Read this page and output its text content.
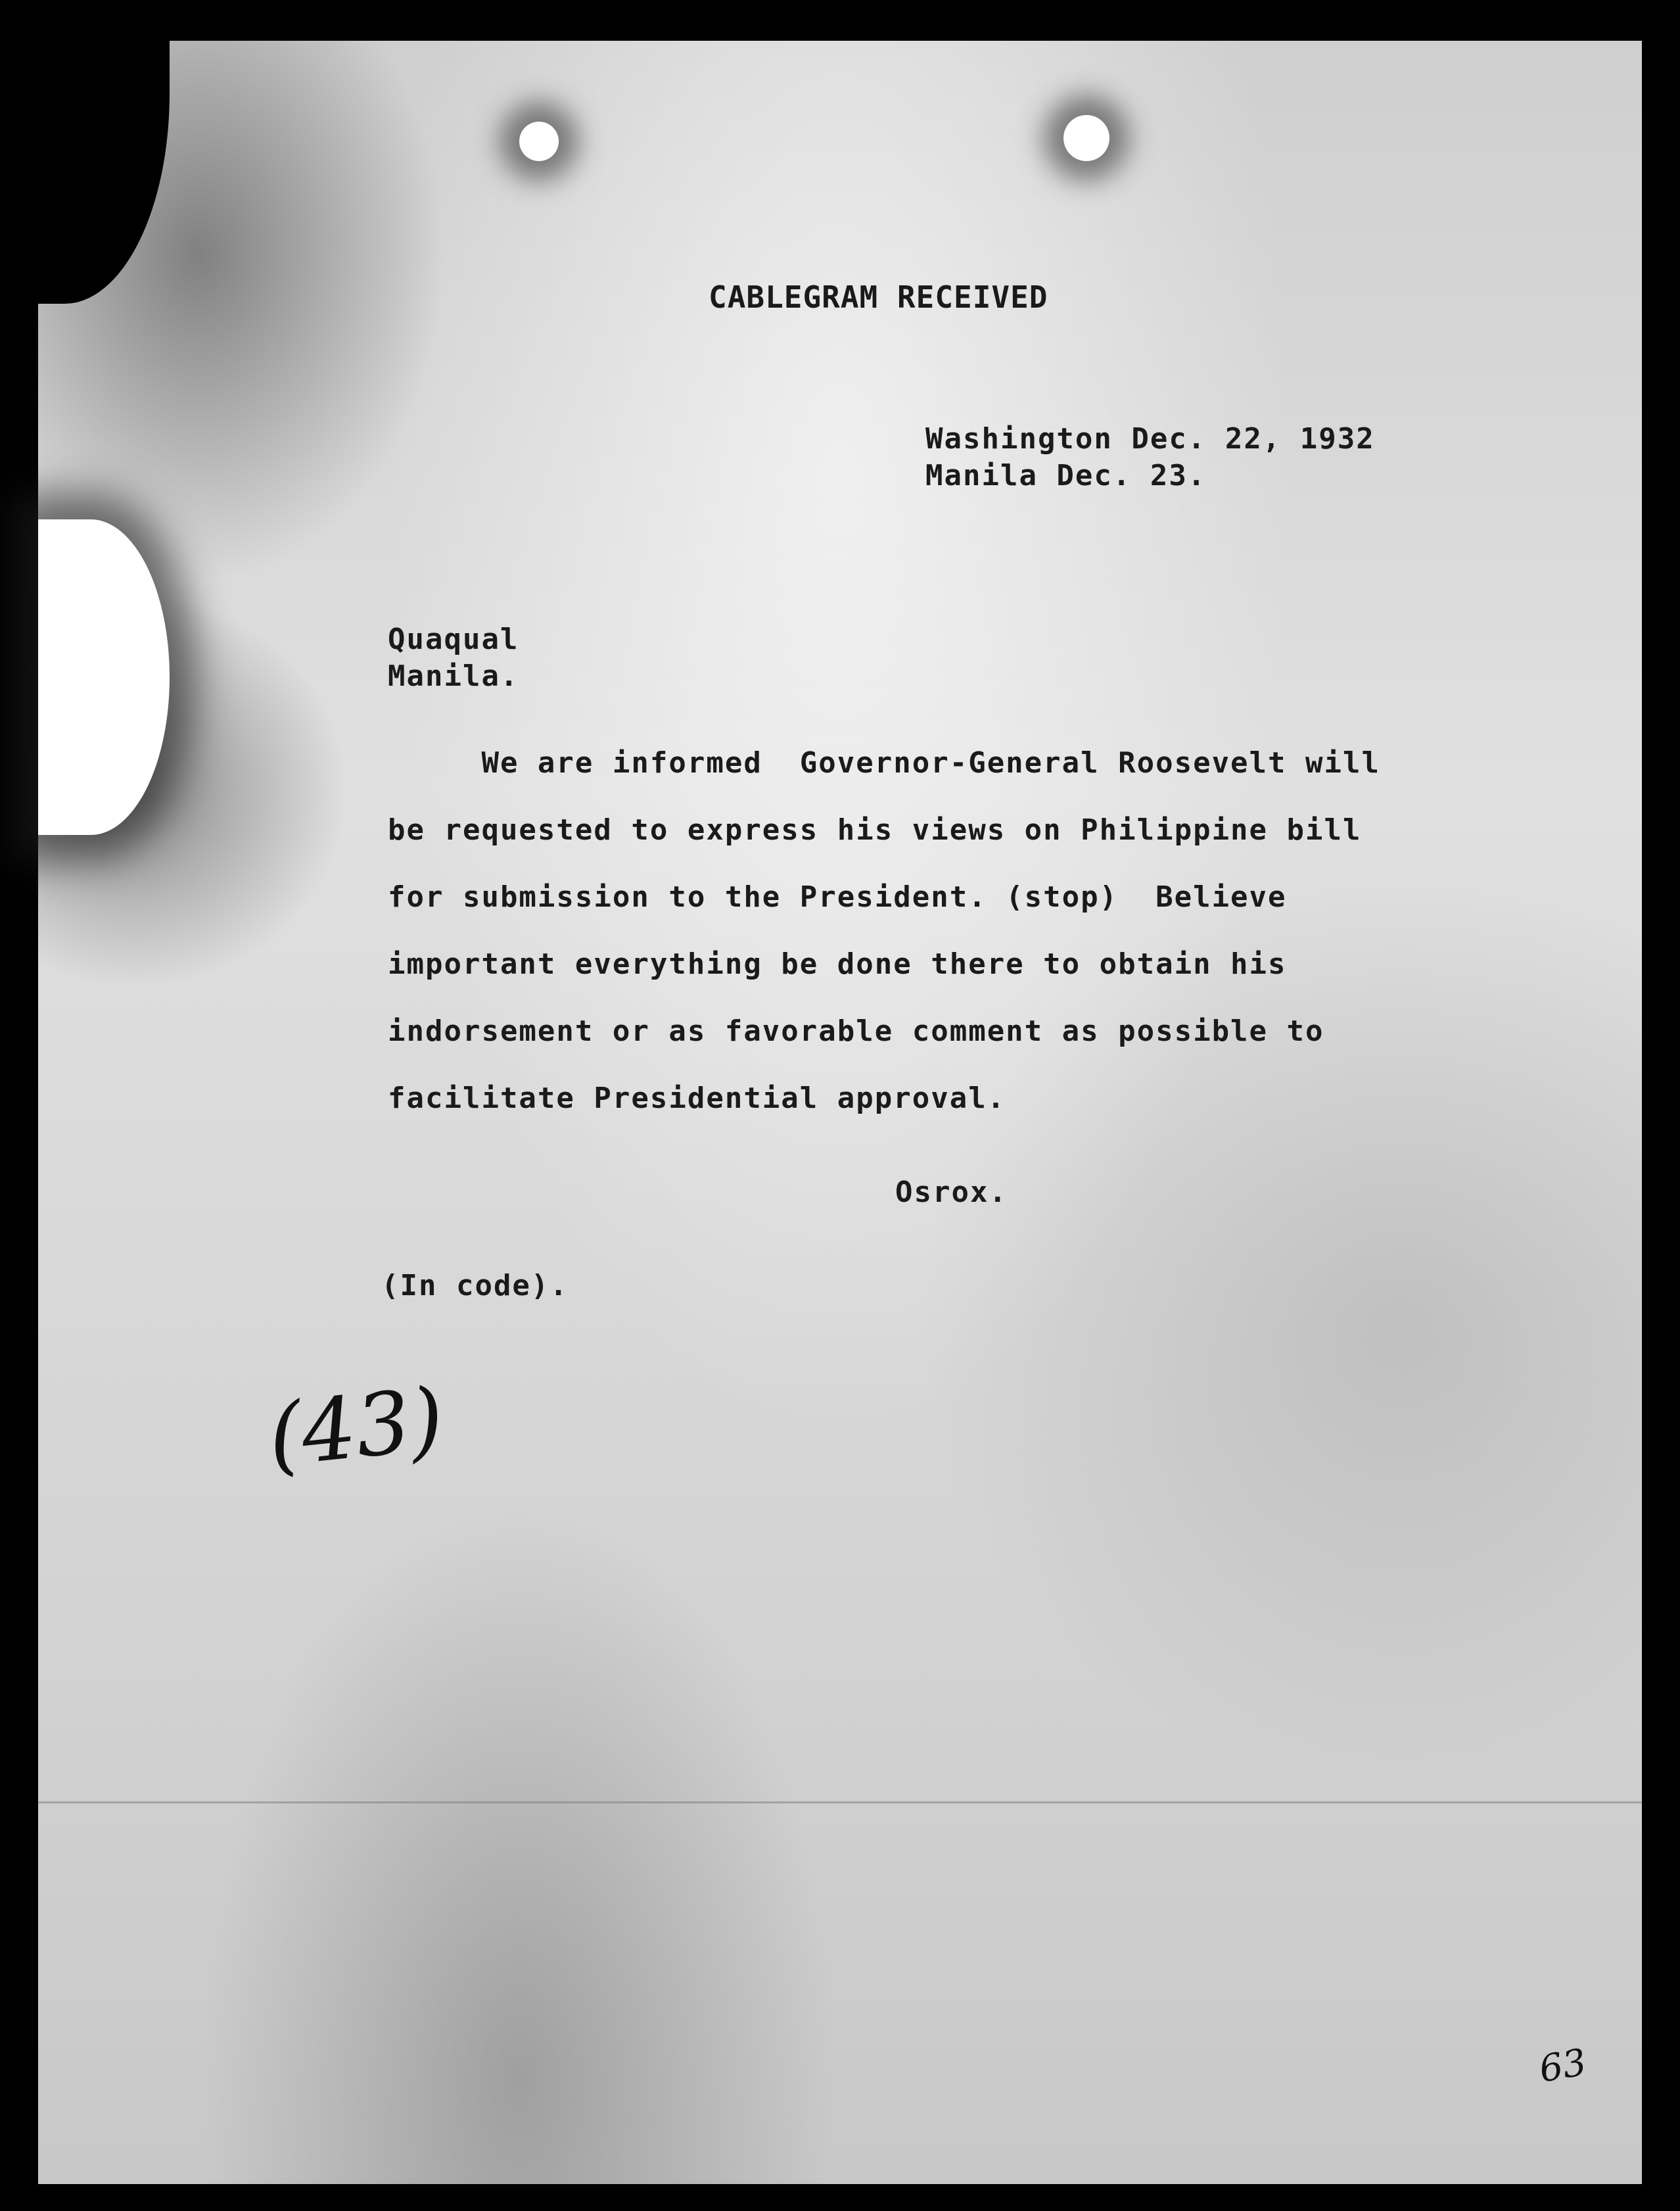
CABLEGRAM RECEIVED
Washington Dec. 22, 1932
Manila Dec. 23.
Quaqual
Manila.
We are informed  Governor-General Roosevelt will
be requested to express his views on Philippine bill
for submission to the President. (stop)  Believe
important everything be done there to obtain his
indorsement or as favorable comment as possible to
facilitate Presidential approval.
Osrox.
(In code).
(43)
63
